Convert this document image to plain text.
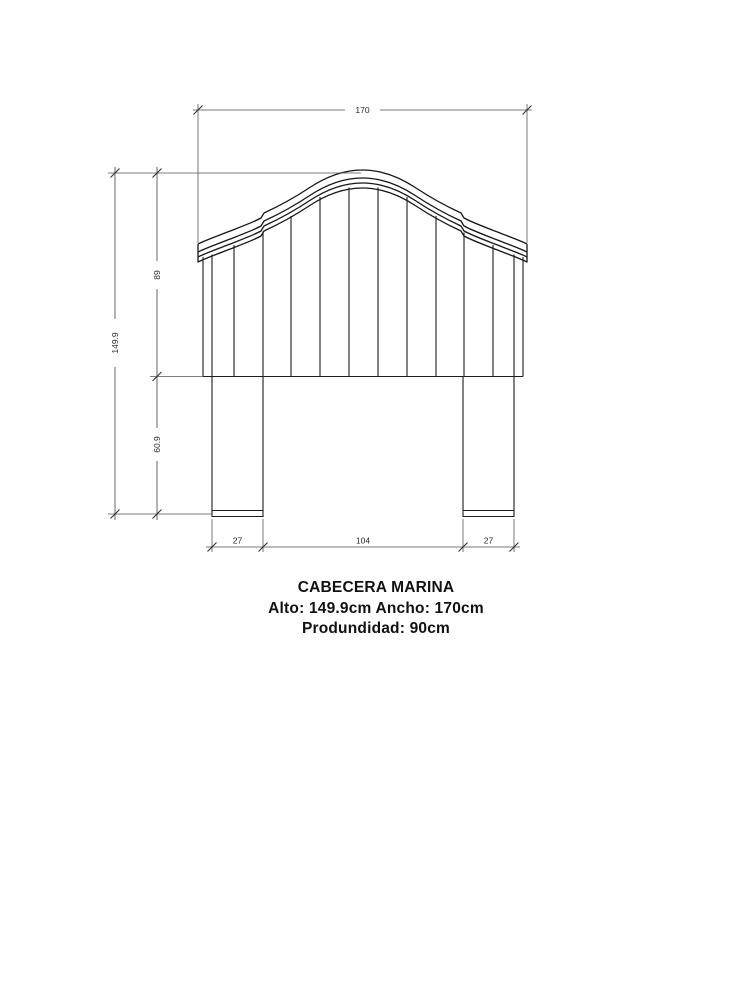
170
149.9
89
60.9
27	104	27
CABECERA MARINA
Alto: 149.9cm Ancho: 170cm
Produndidad: 90cm
